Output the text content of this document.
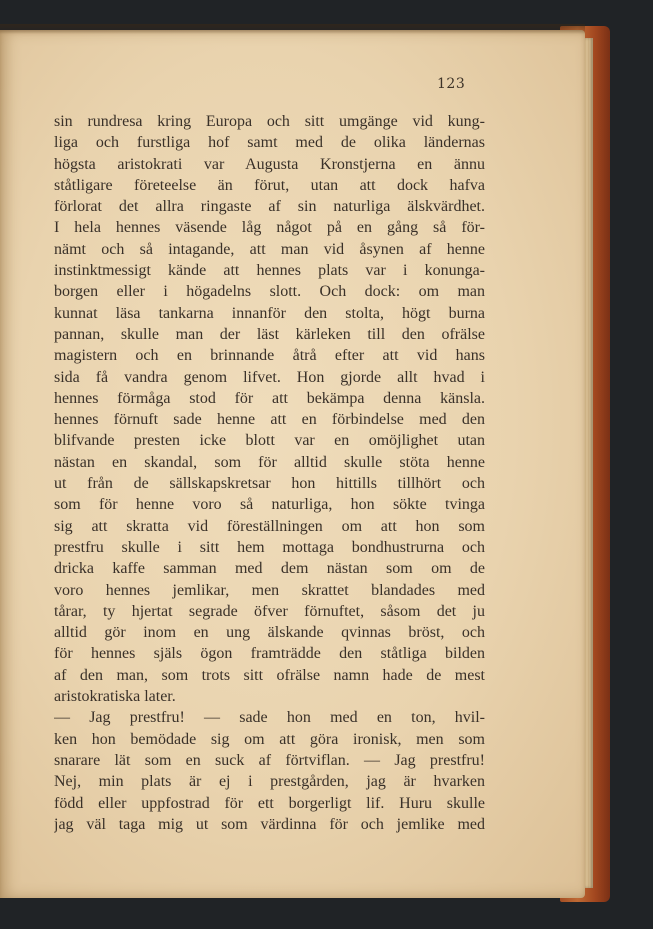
123
sin rundresa kring Europa och sitt umgänge vid kung-
liga och furstliga hof samt med de olika ländernas
högsta aristokrati var Augusta Kronstjerna en ännu
ståtligare företeelse än förut, utan att dock hafva
förlorat det allra ringaste af sin naturliga älskvärdhet.
I hela hennes väsende låg något på en gång så för-
nämt och så intagande, att man vid åsynen af henne
instinktmessigt kände att hennes plats var i konunga-
borgen eller i högadelns slott. Och dock: om man
kunnat läsa tankarna innanför den stolta, högt burna
pannan, skulle man der läst kärleken till den ofrälse
magistern och en brinnande åtrå efter att vid hans
sida få vandra genom lifvet. Hon gjorde allt hvad i
hennes förmåga stod för att bekämpa denna känsla.
hennes förnuft sade henne att en förbindelse med den
blifvande presten icke blott var en omöjlighet utan
nästan en skandal, som för alltid skulle stöta henne
ut från de sällskapskretsar hon hittills tillhört och
som för henne voro så naturliga, hon sökte tvinga
sig att skratta vid föreställningen om att hon som
prestfru skulle i sitt hem mottaga bondhustrurna och
dricka kaffe samman med dem nästan som om de
voro hennes jemlikar, men skrattet blandades med
tårar, ty hjertat segrade öfver förnuftet, såsom det ju
alltid gör inom en ung älskande qvinnas bröst, och
för hennes själs ögon framträdde den ståtliga bilden
af den man, som trots sitt ofrälse namn hade de mest
aristokratiska later.
— Jag prestfru! — sade hon med en ton, hvil-
ken hon bemödade sig om att göra ironisk, men som
snarare lät som en suck af förtviflan. — Jag prestfru!
Nej, min plats är ej i prestgården, jag är hvarken
född eller uppfostrad för ett borgerligt lif. Huru skulle
jag väl taga mig ut som värdinna för och jemlike med
